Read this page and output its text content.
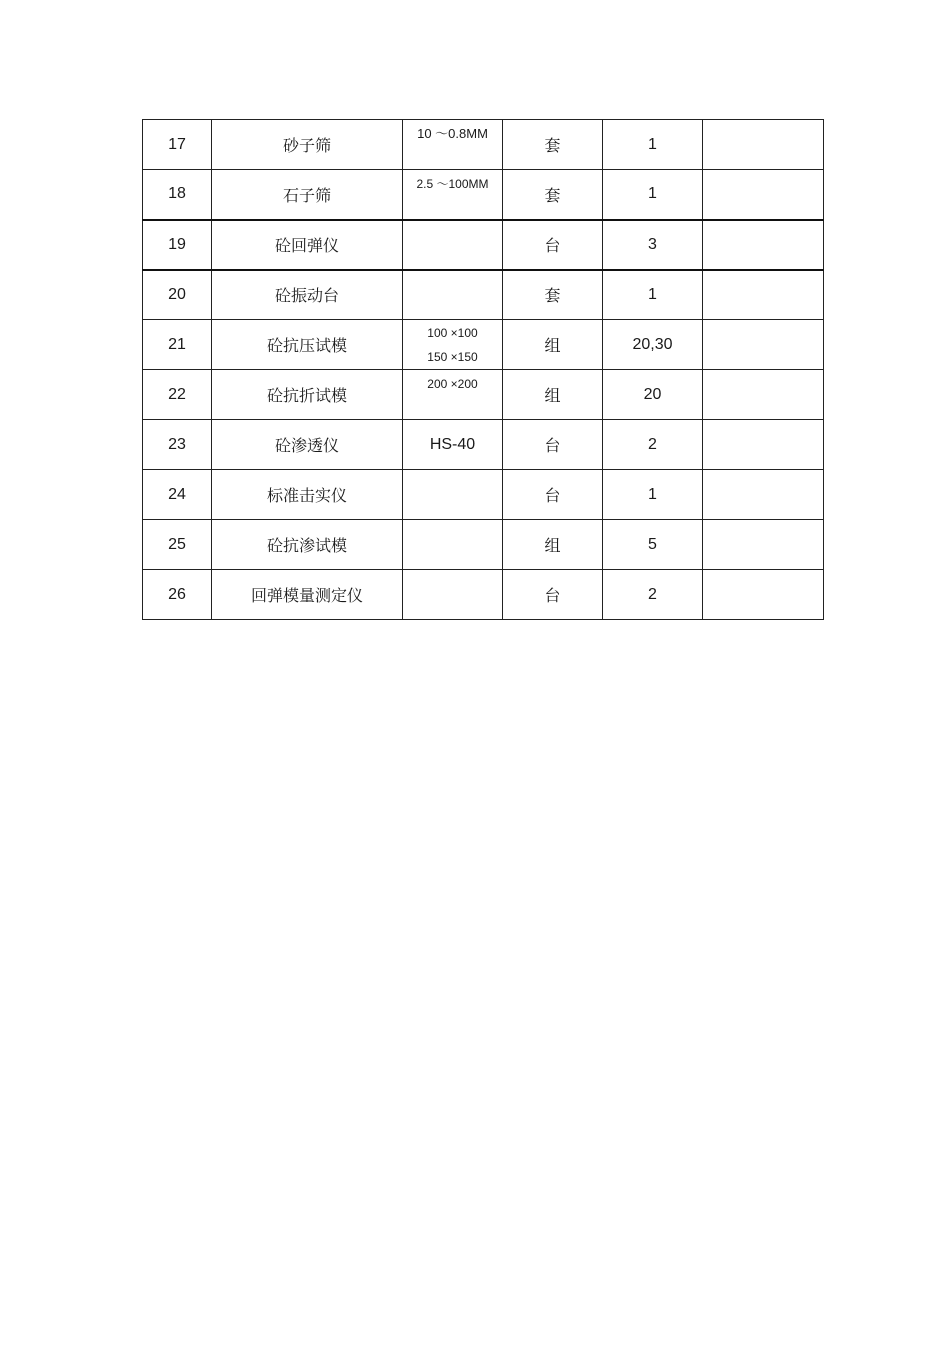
17	砂子筛	10 ～0.8MM	套	1	
18	石子筛	2.5 ～100MM	套	1	
19	砼回弹仪		台	3	
20	砼振动台		套	1	
21	砼抗压试模	100 ×100
150 ×150	组	20,30	
22	砼抗折试模	200 ×200	组	20	
23	砼渗透仪	HS-40	台	2	
24	标准击实仪		台	1	
25	砼抗渗试模		组	5	
26	回弹模量测定仪		台	2	
